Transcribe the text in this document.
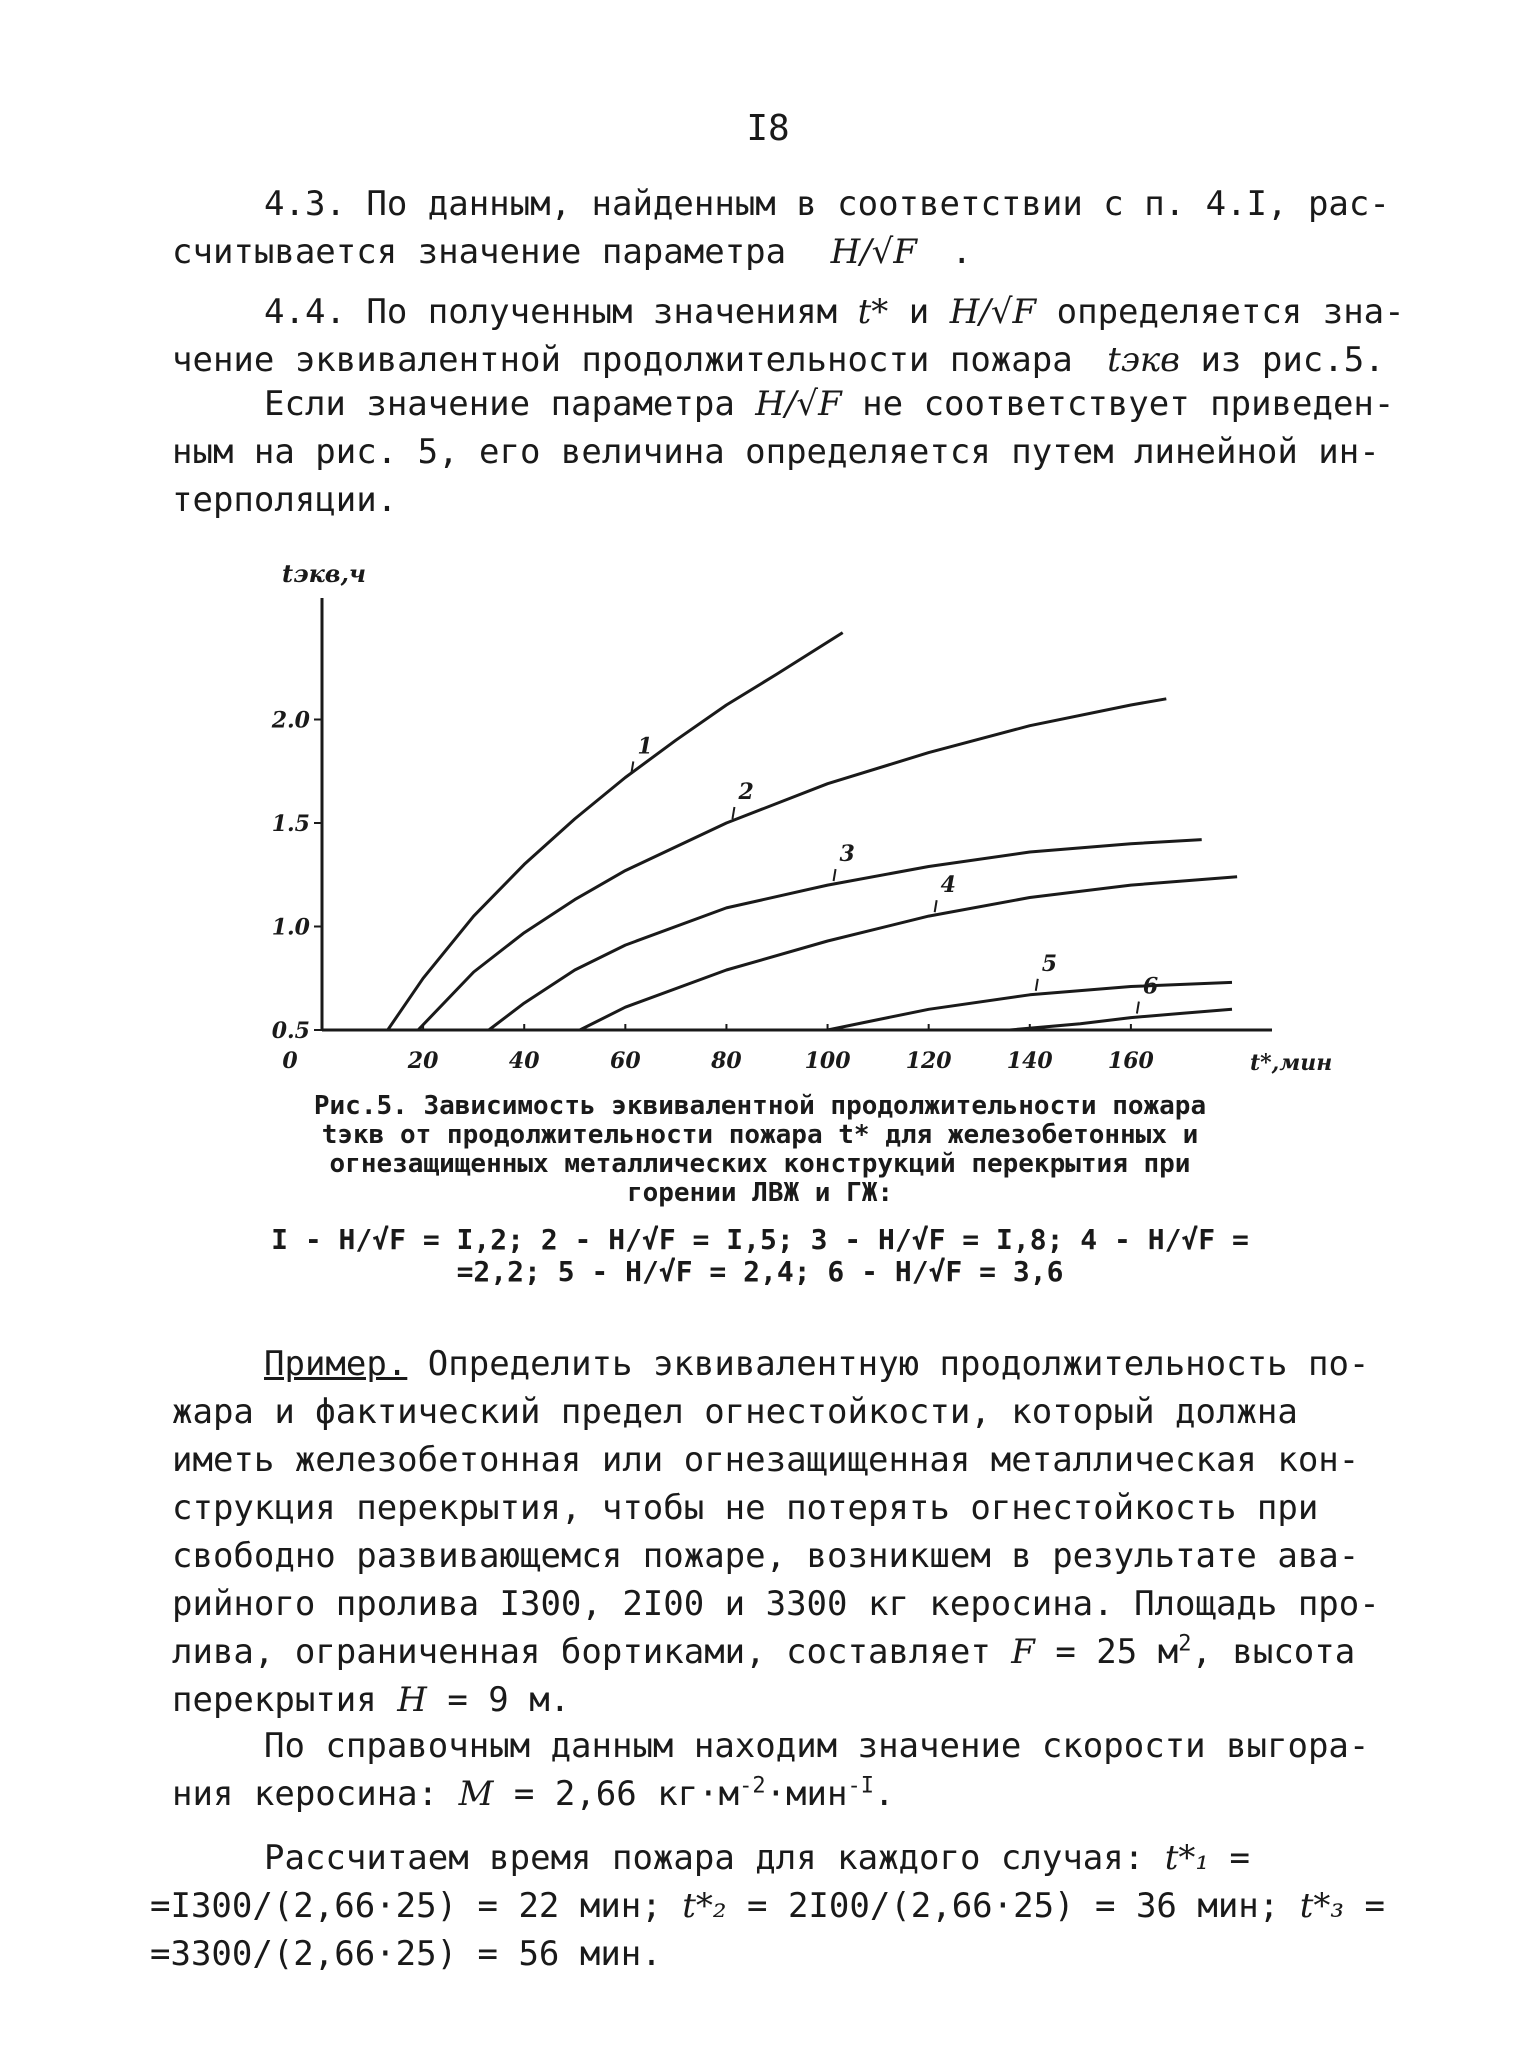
I8
4.3. По данным, найденным в соответствии с п. 4.I, рас-
считывается значение параметра H/√F .
4.4. По полученным значениям t* и H/√F определяется зна-
чение эквивалентной продолжительности пожара tэкв из рис.5.
Если значение параметра H/√F не соответствует приведен-
ным на рис. 5, его величина определяется путем линейной ин-
терполяции.
tэкв,ч
0.5
1.0
1.5
2.0
0	20	40	60	80	100	120	140	160	t*,мин
1
2
3
4
5
6
Рис.5. Зависимость эквивалентной продолжительности пожара
tэкв от продолжительности пожара t* для железобетонных и
огнезащищенных металлических конструкций перекрытия при
горении ЛВЖ и ГЖ:
I - H/√F = I,2; 2 - H/√F = I,5; 3 - H/√F = I,8; 4 - H/√F =
=2,2; 5 - H/√F = 2,4; 6 - H/√F = 3,6
Пример. Определить эквивалентную продолжительность по-
жара и фактический предел огнестойкости, который должна
иметь железобетонная или огнезащищенная металлическая кон-
струкция перекрытия, чтобы не потерять огнестойкость при
свободно развивающемся пожаре, возникшем в результате ава-
рийного пролива I300, 2I00 и 3300 кг керосина. Площадь про-
лива, ограниченная бортиками, составляет F = 25 $м^2$, высота
перекрытия H = 9 м.
По справочным данным находим значение скорости выгора-
ния керосина: M = 2,66 $кг\cdot м^{-2}\cdot мин^{-I}$.
Рассчитаем время пожара для каждого случая: t*₁ =
=I300/(2,66·25) = 22 мин; t*₂ = 2I00/(2,66·25) = 36 мин; t*₃ =
=3300/(2,66·25) = 56 мин.
